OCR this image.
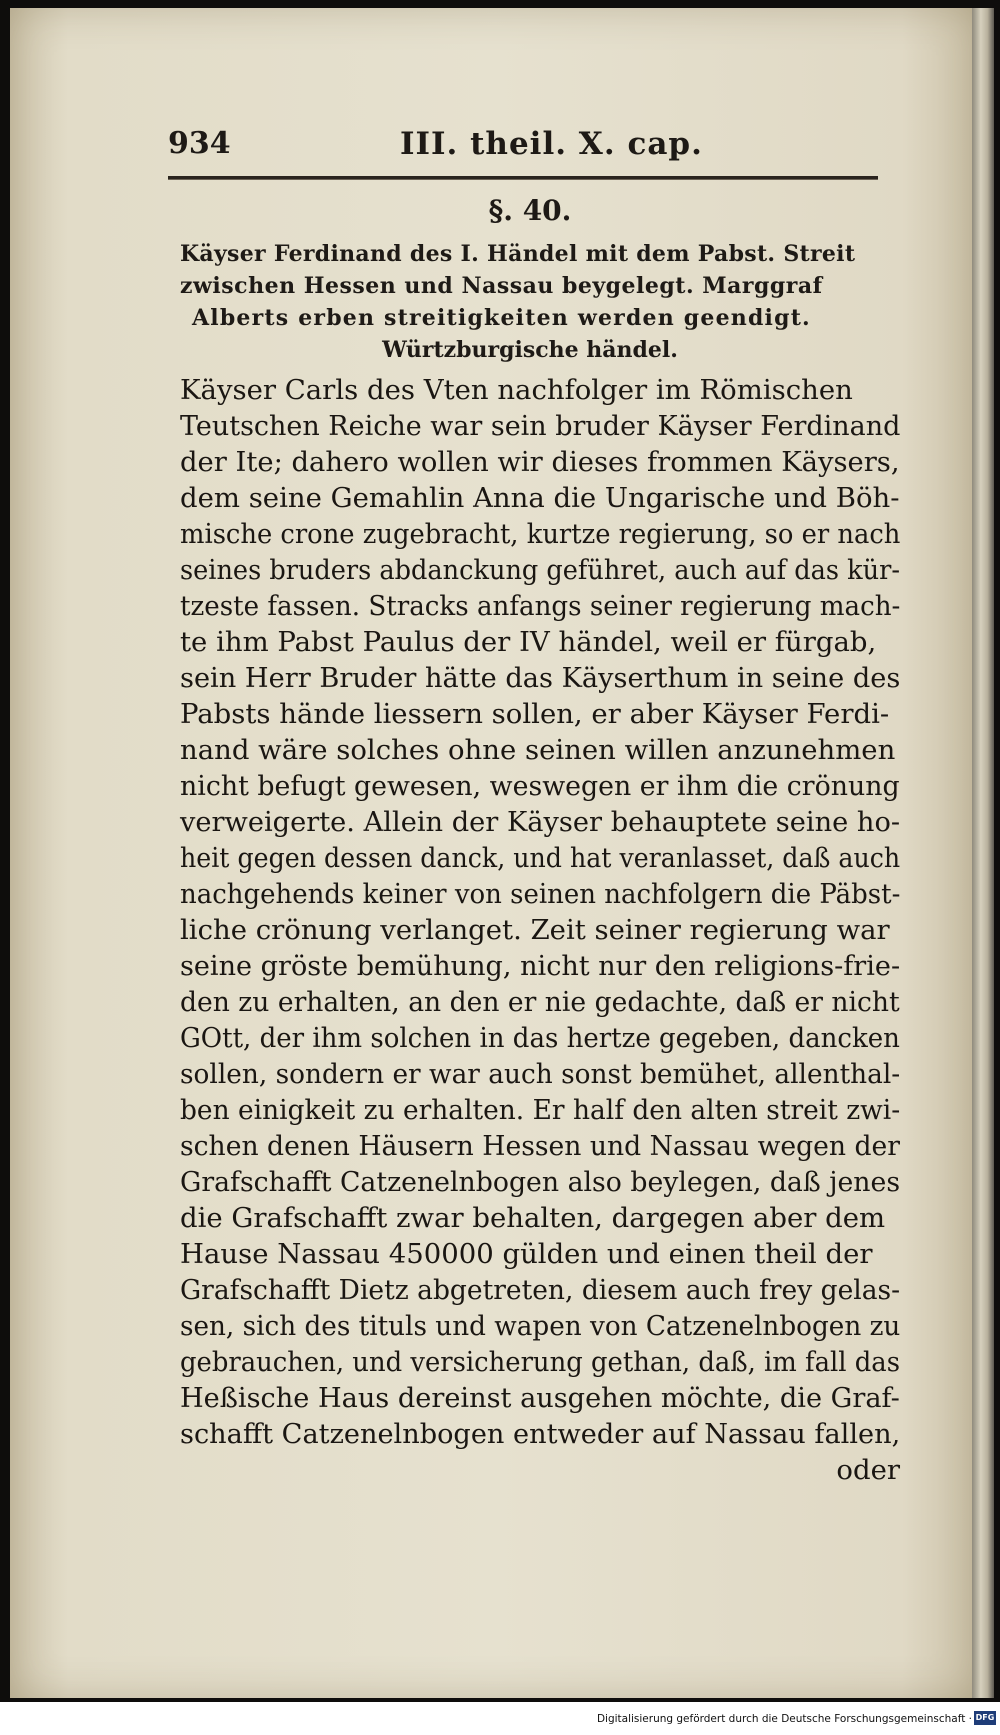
934	III. theil. X. cap.
§. 40.
Käyser Ferdinand des I. Händel mit dem Pabst. Streit
zwischen Hessen und Nassau beygelegt. Marggraf
Alberts erben streitigkeiten werden geendigt.
Würtzburgische händel.
Käyser Carls des Vten nachfolger im Römischen
Teutschen Reiche war sein bruder Käyser Ferdinand
der Ite; dahero wollen wir dieses frommen Käysers,
dem seine Gemahlin Anna die Ungarische und Böh-
mische crone zugebracht, kurtze regierung, so er nach
seines bruders abdanckung geführet, auch auf das kür-
tzeste fassen. Stracks anfangs seiner regierung mach-
te ihm Pabst Paulus der IV händel, weil er fürgab,
sein Herr Bruder hätte das Käyserthum in seine des
Pabsts hände liessern sollen, er aber Käyser Ferdi-
nand wäre solches ohne seinen willen anzunehmen
nicht befugt gewesen, weswegen er ihm die crönung
verweigerte. Allein der Käyser behauptete seine ho-
heit gegen dessen danck, und hat veranlasset, daß auch
nachgehends keiner von seinen nachfolgern die Päbst-
liche crönung verlanget. Zeit seiner regierung war
seine gröste bemühung, nicht nur den religions-frie-
den zu erhalten, an den er nie gedachte, daß er nicht
GOtt, der ihm solchen in das hertze gegeben, dancken
sollen, sondern er war auch sonst bemühet, allenthal-
ben einigkeit zu erhalten. Er half den alten streit zwi-
schen denen Häusern Hessen und Nassau wegen der
Grafschafft Catzenelnbogen also beylegen, daß jenes
die Grafschafft zwar behalten, dargegen aber dem
Hause Nassau 450000 gülden und einen theil der
Grafschafft Dietz abgetreten, diesem auch frey gelas-
sen, sich des tituls und wapen von Catzenelnbogen zu
gebrauchen, und versicherung gethan, daß, im fall das
Heßische Haus dereinst ausgehen möchte, die Graf-
schafft Catzenelnbogen entweder auf Nassau fallen,
oder
Digitalisierung gefördert durch die Deutsche Forschungsgemeinschaft · DFG
